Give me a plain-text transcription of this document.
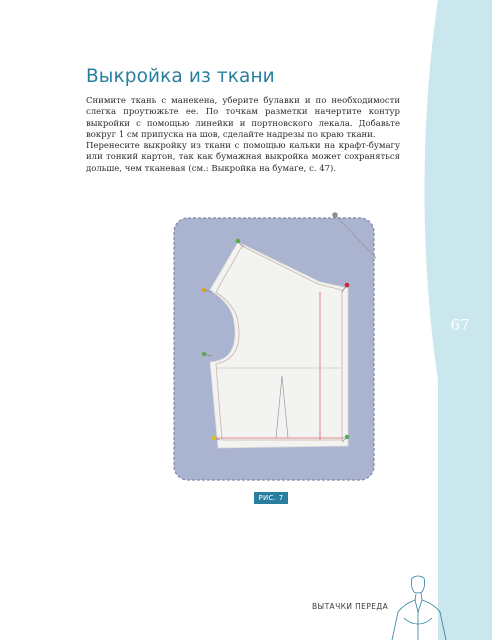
67
Выкройка из ткани

Снимите ткань с манекена, уберите булавки и по необходимости слегка проутюжьте ее. По точкам разметки начертите контур выкройки с помощью линейки и портновского лекала. Добавьте вокруг 1 см припуска на шов, сделайте надрезы по краю ткани.

Перенесите выкройку из ткани с помощью кальки на крафт-бумагу или тонкий картон, так как бумажная выкройка может сохраняться дольше, чем тканевая (см.: Выкройка на бумаге, с. 47).

РИС. 7
ВЫТАЧКИ ПЕРЕДА
